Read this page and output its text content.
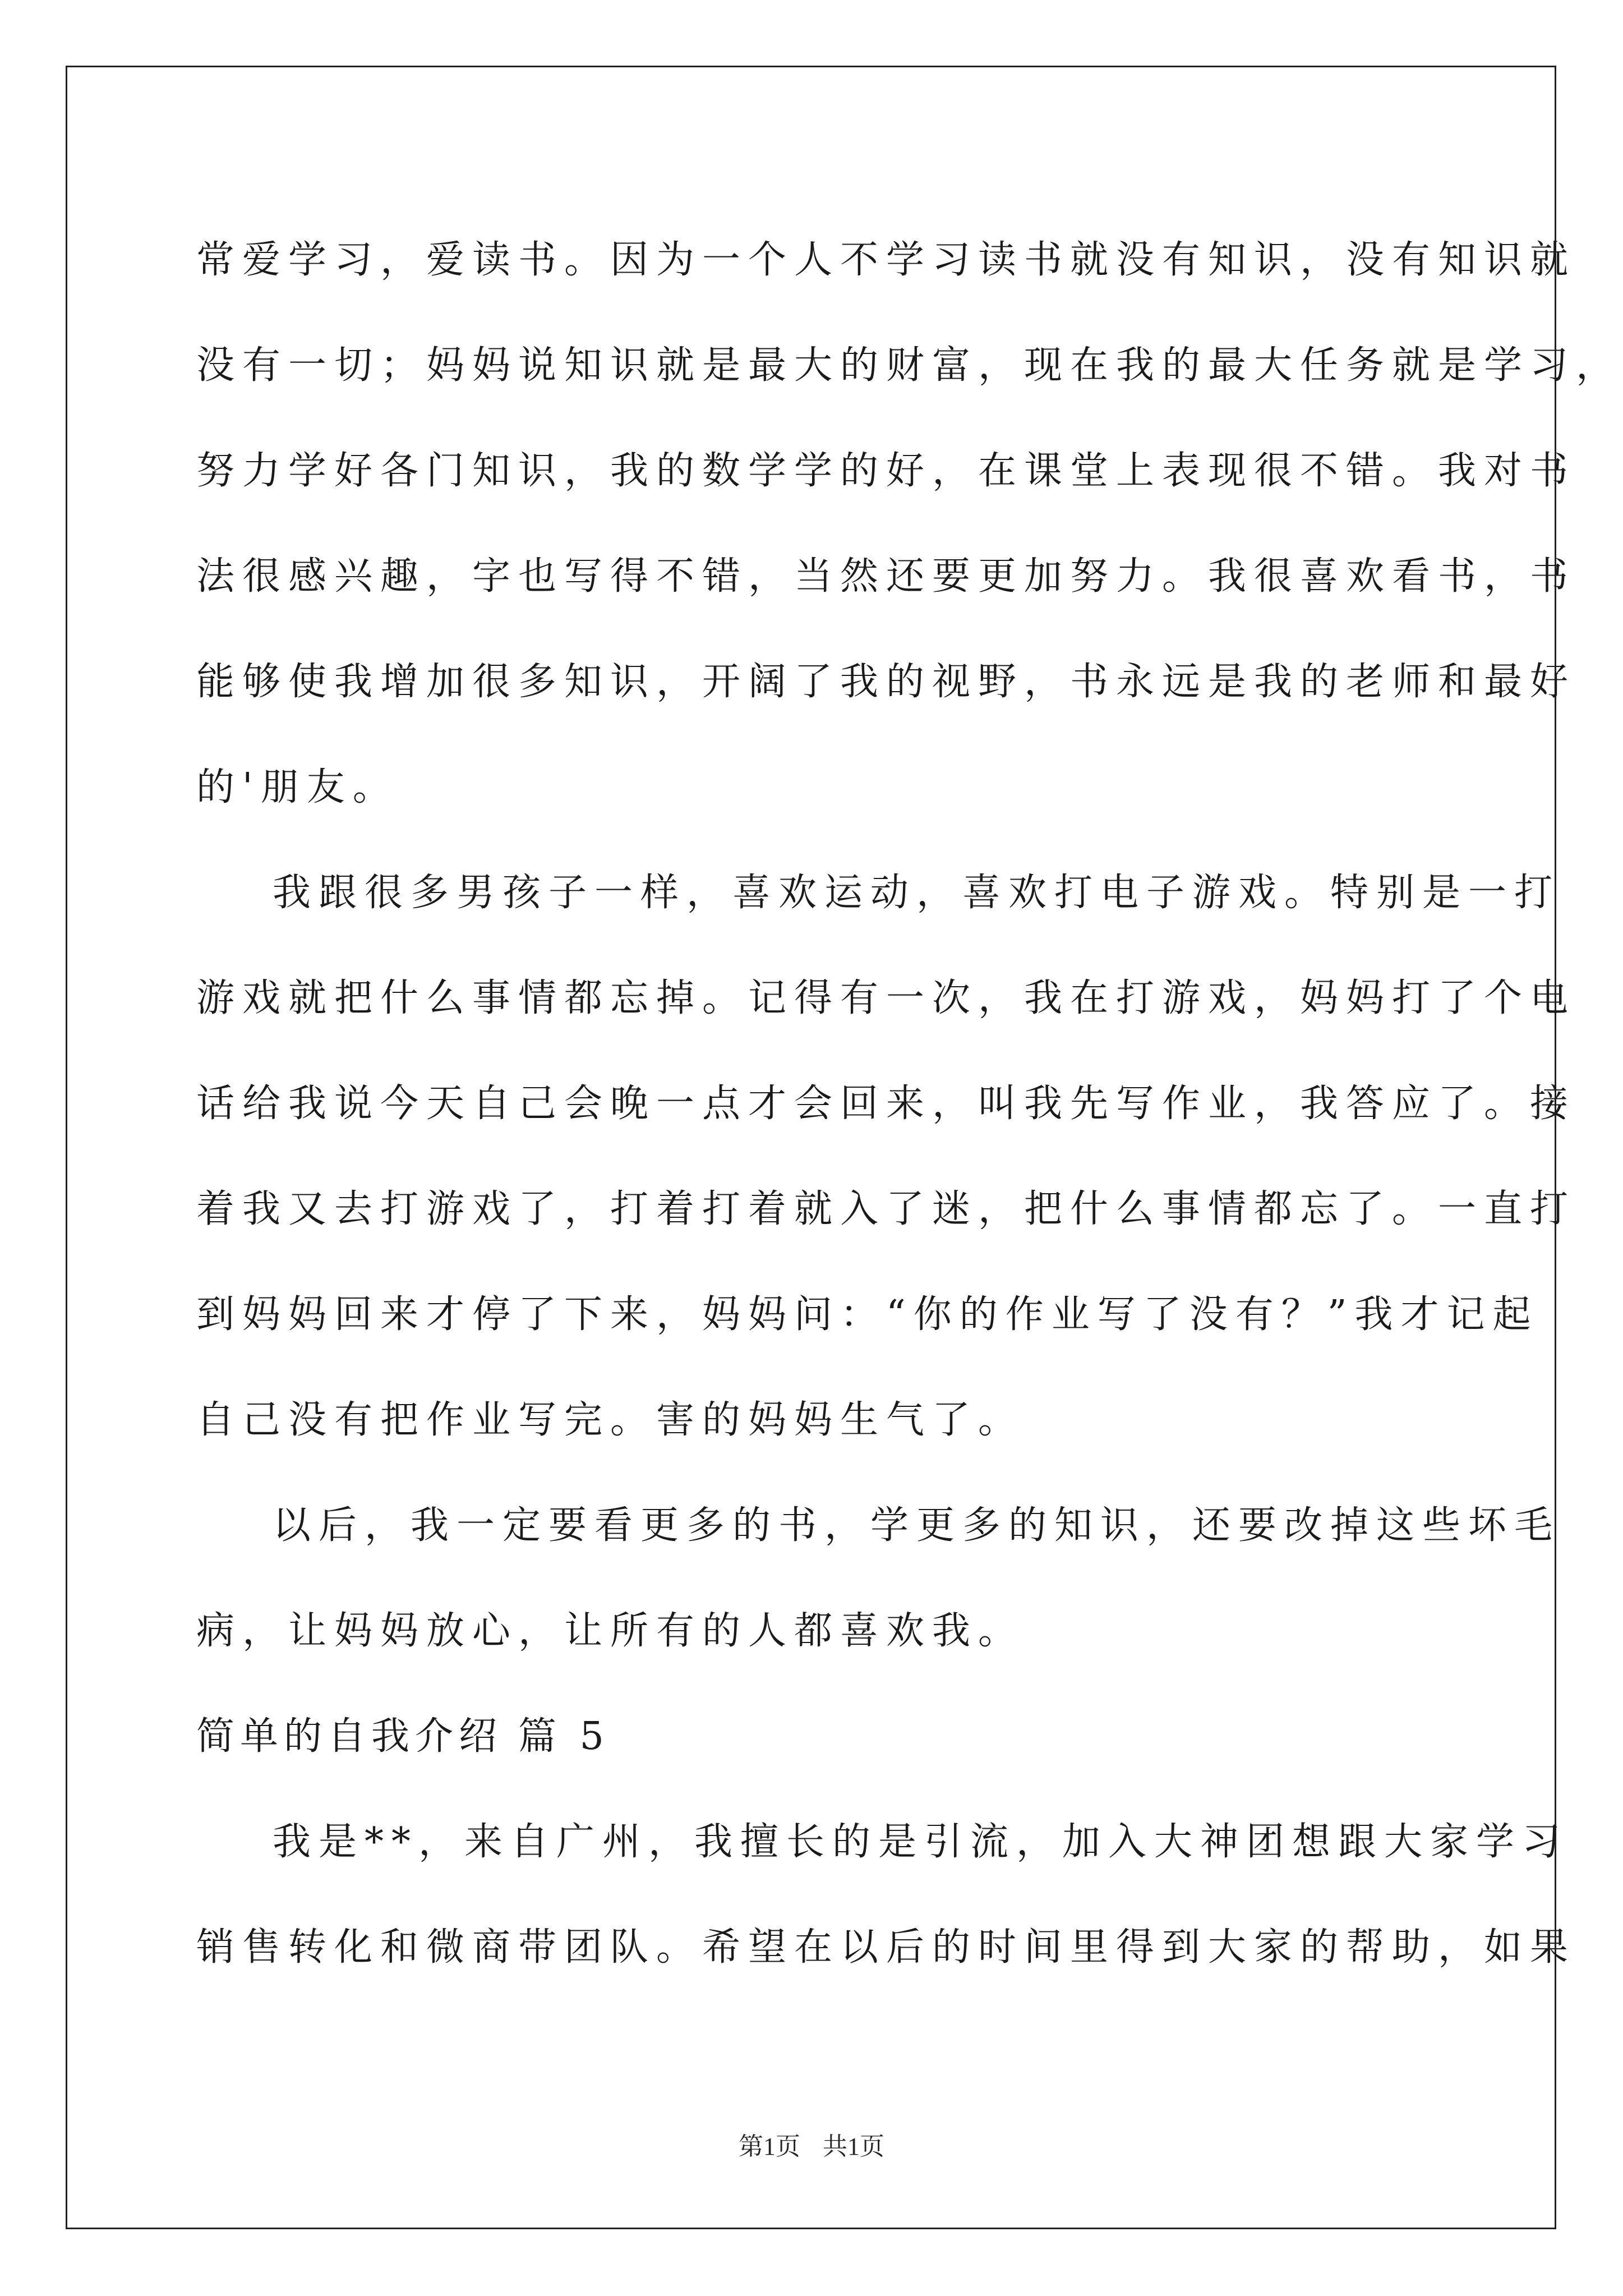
常爱学习，爱读书。因为一个人不学习读书就没有知识，没有知识就
没有一切；妈妈说知识就是最大的财富，现在我的最大任务就是学习，
努力学好各门知识，我的数学学的好，在课堂上表现很不错。我对书
法很感兴趣，字也写得不错，当然还要更加努力。我很喜欢看书，书
能够使我增加很多知识，开阔了我的视野，书永远是我的老师和最好
的'朋友。
我跟很多男孩子一样，喜欢运动，喜欢打电子游戏。特别是一打
游戏就把什么事情都忘掉。记得有一次，我在打游戏，妈妈打了个电
话给我说今天自己会晚一点才会回来，叫我先写作业，我答应了。接
着我又去打游戏了，打着打着就入了迷，把什么事情都忘了。一直打
到妈妈回来才停了下来，妈妈问：“你的作业写了没有？”我才记起
自己没有把作业写完。害的妈妈生气了。
以后，我一定要看更多的书，学更多的知识，还要改掉这些坏毛
病，让妈妈放心，让所有的人都喜欢我。
简单的自我介绍 篇 5
我是**，来自广州，我擅长的是引流，加入大神团想跟大家学习
销售转化和微商带团队。希望在以后的时间里得到大家的帮助，如果
第1页 共1页
